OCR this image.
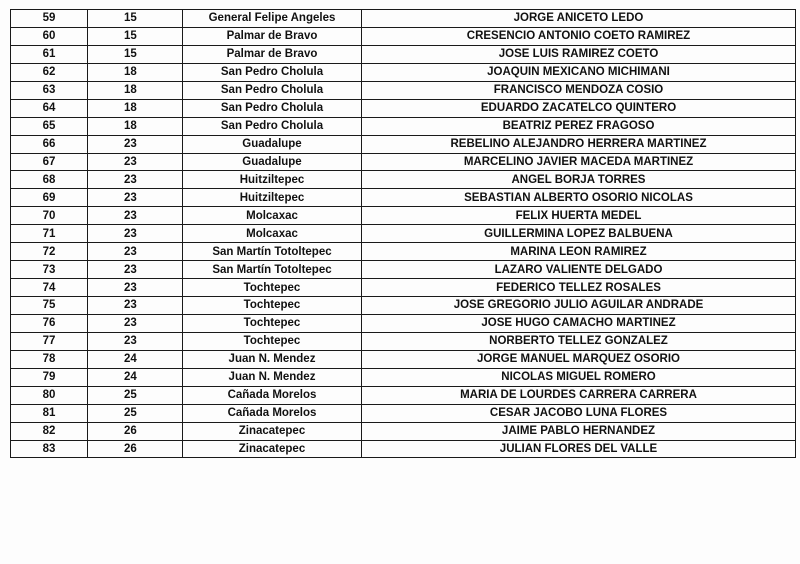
59	15	General Felipe Angeles	JORGE ANICETO LEDO
60	15	Palmar de Bravo	CRESENCIO ANTONIO COETO RAMIREZ
61	15	Palmar de Bravo	JOSE LUIS RAMIREZ COETO
62	18	San Pedro Cholula	JOAQUIN MEXICANO MICHIMANI
63	18	San Pedro Cholula	FRANCISCO MENDOZA COSIO
64	18	San Pedro Cholula	EDUARDO ZACATELCO QUINTERO
65	18	San Pedro Cholula	BEATRIZ PEREZ FRAGOSO
66	23	Guadalupe	REBELINO ALEJANDRO HERRERA MARTINEZ
67	23	Guadalupe	MARCELINO JAVIER MACEDA MARTINEZ
68	23	Huitziltepec	ANGEL BORJA TORRES
69	23	Huitziltepec	SEBASTIAN ALBERTO OSORIO NICOLAS
70	23	Molcaxac	FELIX HUERTA MEDEL
71	23	Molcaxac	GUILLERMINA LOPEZ BALBUENA
72	23	San Martín Totoltepec	MARINA LEON RAMIREZ
73	23	San Martín Totoltepec	LAZARO VALIENTE DELGADO
74	23	Tochtepec	FEDERICO TELLEZ ROSALES
75	23	Tochtepec	JOSE GREGORIO JULIO AGUILAR ANDRADE
76	23	Tochtepec	JOSE HUGO CAMACHO MARTINEZ
77	23	Tochtepec	NORBERTO TELLEZ GONZALEZ
78	24	Juan N. Mendez	JORGE MANUEL MARQUEZ OSORIO
79	24	Juan N. Mendez	NICOLAS MIGUEL ROMERO
80	25	Cañada Morelos	MARIA DE LOURDES CARRERA CARRERA
81	25	Cañada Morelos	CESAR JACOBO LUNA FLORES
82	26	Zinacatepec	JAIME PABLO HERNANDEZ
83	26	Zinacatepec	JULIAN FLORES DEL VALLE
